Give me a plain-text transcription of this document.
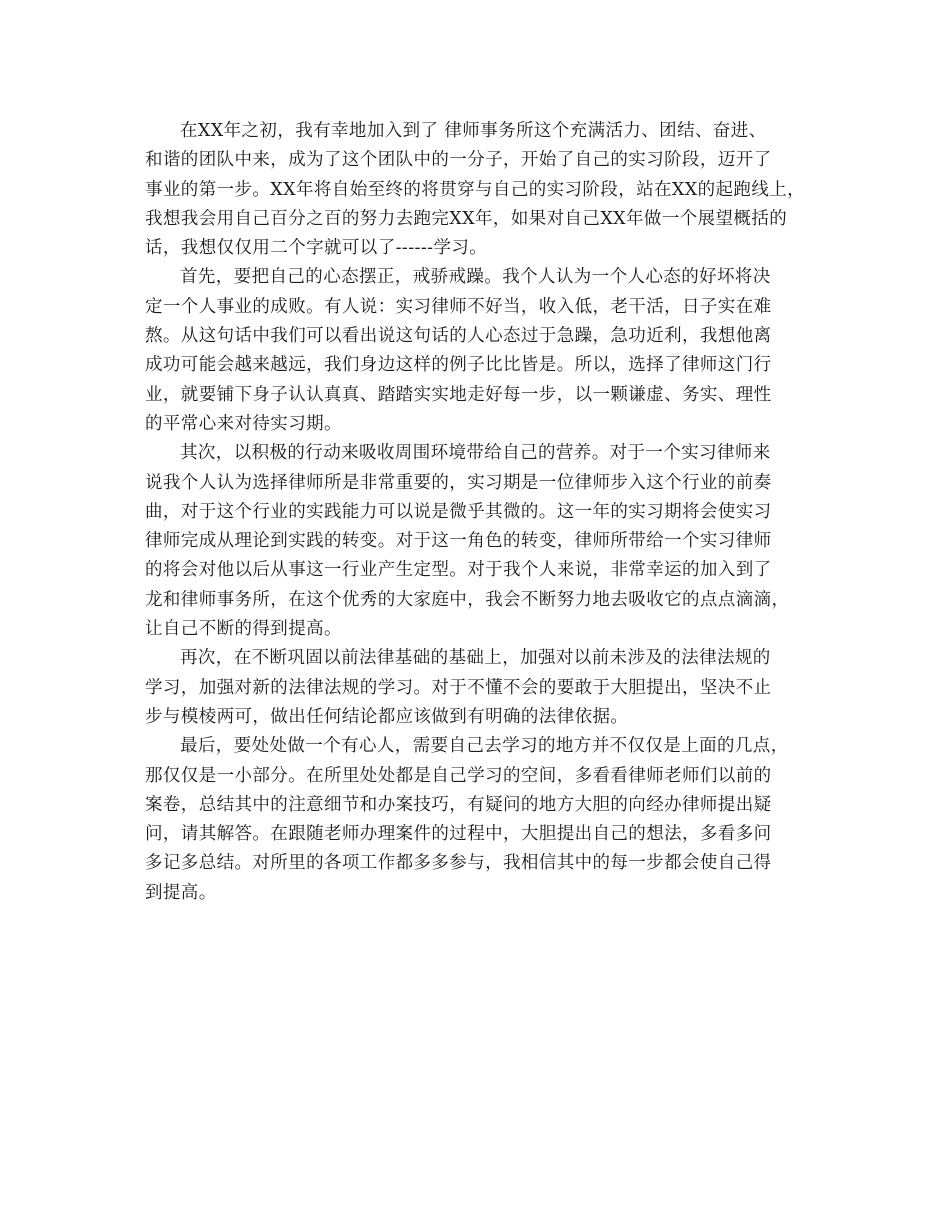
在XX年之初，我有幸地加入到了 律师事务所这个充满活力、团结、奋进、
和谐的团队中来，成为了这个团队中的一分子，开始了自己的实习阶段，迈开了
事业的第一步。XX年将自始至终的将贯穿与自己的实习阶段，站在XX的起跑线上，
我想我会用自己百分之百的努力去跑完XX年，如果对自己XX年做一个展望概括的
话，我想仅仅用二个字就可以了------学习。

首先，要把自己的心态摆正，戒骄戒躁。我个人认为一个人心态的好坏将决
定一个人事业的成败。有人说：实习律师不好当，收入低，老干活，日子实在难
熬。从这句话中我们可以看出说这句话的人心态过于急躁，急功近利，我想他离
成功可能会越来越远，我们身边这样的例子比比皆是。所以，选择了律师这门行
业，就要铺下身子认认真真、踏踏实实地走好每一步，以一颗谦虚、务实、理性
的平常心来对待实习期。

其次，以积极的行动来吸收周围环境带给自己的营养。对于一个实习律师来
说我个人认为选择律师所是非常重要的，实习期是一位律师步入这个行业的前奏
曲，对于这个行业的实践能力可以说是微乎其微的。这一年的实习期将会使实习
律师完成从理论到实践的转变。对于这一角色的转变，律师所带给一个实习律师
的将会对他以后从事这一行业产生定型。对于我个人来说，非常幸运的加入到了
龙和律师事务所，在这个优秀的大家庭中，我会不断努力地去吸收它的点点滴滴，
让自己不断的得到提高。

再次，在不断巩固以前法律基础的基础上，加强对以前未涉及的法律法规的
学习，加强对新的法律法规的学习。对于不懂不会的要敢于大胆提出，坚决不止
步与模棱两可，做出任何结论都应该做到有明确的法律依据。

最后，要处处做一个有心人，需要自己去学习的地方并不仅仅是上面的几点，
那仅仅是一小部分。在所里处处都是自己学习的空间，多看看律师老师们以前的
案卷，总结其中的注意细节和办案技巧，有疑问的地方大胆的向经办律师提出疑
问，请其解答。在跟随老师办理案件的过程中，大胆提出自己的想法，多看多问
多记多总结。对所里的各项工作都多多参与，我相信其中的每一步都会使自己得
到提高。
